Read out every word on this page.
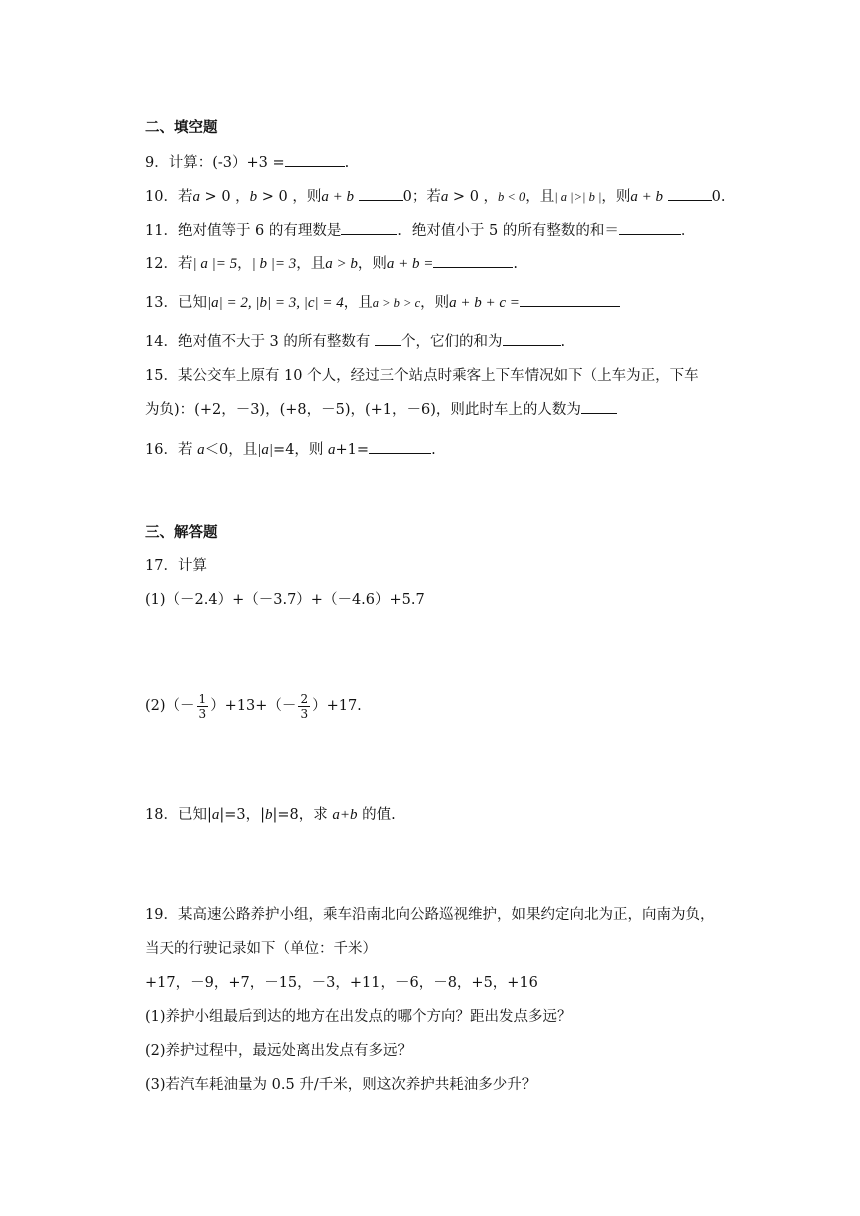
二、填空题
9．计算：(-3）+3 =	.
10．若a > 0 ，b > 0 ，则a + b	0；若a > 0 ，b < 0，且| a |>| b |，则a + b	0.
11．绝对值等于 6 的有理数是	．绝对值小于 5 的所有整数的和＝	．
12．若| a |= 5，| b |= 3，且a > b，则a + b =	.
13．已知|a| = 2, |b| = 3, |c| = 4，且a > b > c，则a + b + c =
14．绝对值不大于 3 的所有整数有 个，它们的和为	.
15．某公交车上原有 10 个人，经过三个站点时乘客上下车情况如下（上车为正，下车
为负)：(+2，－3)，(+8，－5)，(+1，－6)，则此时车上的人数为
16．若 a＜0，且|a|=4，则 a+1=	.
三、解答题
17．计算
(1)（－2.4）+（－3.7）+（－4.6）+5.7
$(2)(- \frac{1}{3} )+13+(- \frac{2}{3} )+17$.
18．已知|a|=3，|b|=8，求 a+b 的值.
19．某高速公路养护小组，乘车沿南北向公路巡视维护，如果约定向北为正，向南为负，
当天的行驶记录如下（单位：千米）
+17，－9，+7，－15，－3，+11，－6，－8，+5，+16
(1)养护小组最后到达的地方在出发点的哪个方向？距出发点多远？
(2)养护过程中，最远处离出发点有多远？
(3)若汽车耗油量为 0.5 升/千米，则这次养护共耗油多少升？
